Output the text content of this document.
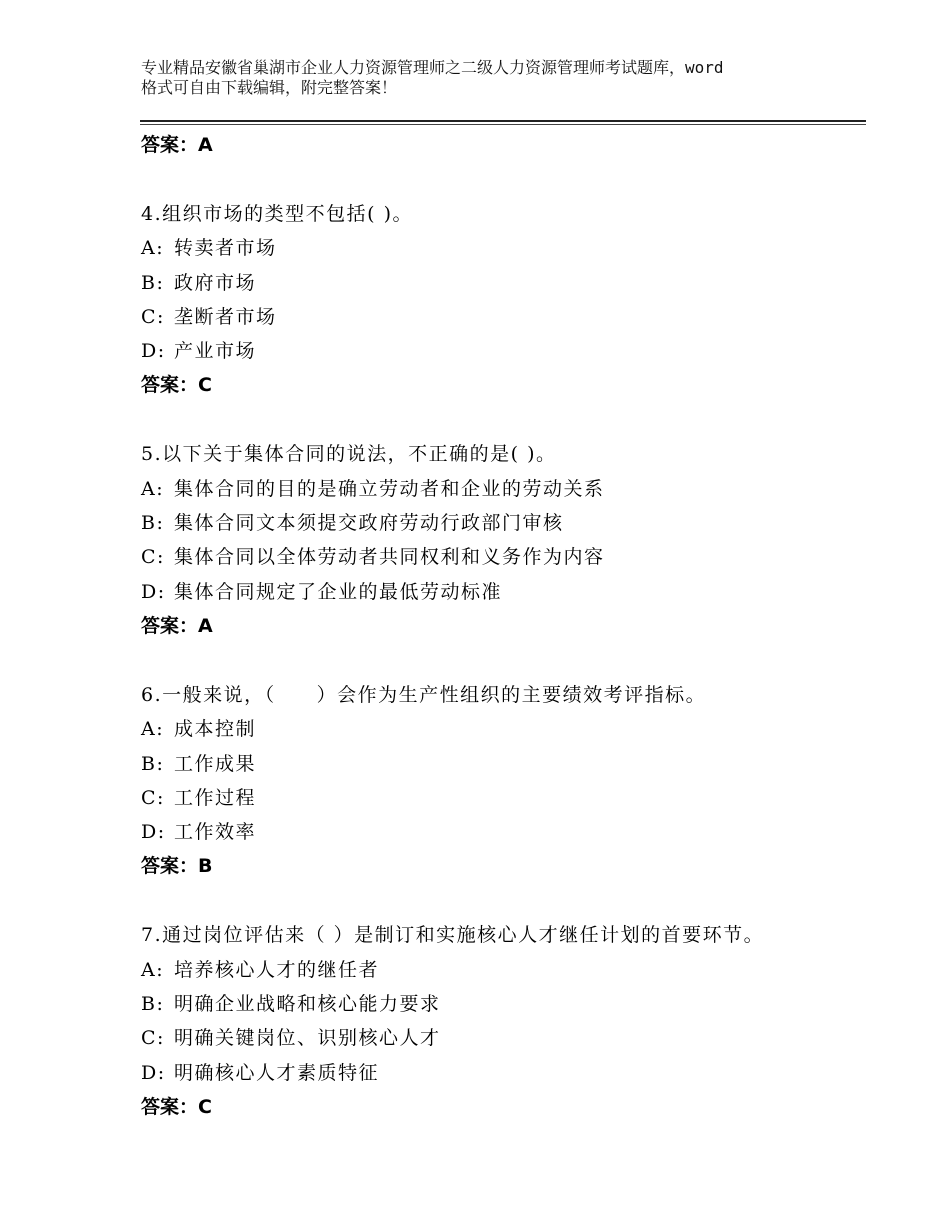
专业精品安徽省巢湖市企业人力资源管理师之二级人力资源管理师考试题库，word
格式可自由下载编辑，附完整答案！
答案：A
4.组织市场的类型不包括( )。
A: 转卖者市场
B: 政府市场
C: 垄断者市场
D: 产业市场
答案：C
5.以下关于集体合同的说法，不正确的是( )。
A: 集体合同的目的是确立劳动者和企业的劳动关系
B: 集体合同文本须提交政府劳动行政部门审核
C: 集体合同以全体劳动者共同权利和义务作为内容
D: 集体合同规定了企业的最低劳动标准
答案：A
6.一般来说，（　　）会作为生产性组织的主要绩效考评指标。
A: 成本控制
B: 工作成果
C: 工作过程
D: 工作效率
答案：B
7.通过岗位评估来（ ）是制订和实施核心人才继任计划的首要环节。
A: 培养核心人才的继任者
B: 明确企业战略和核心能力要求
C: 明确关键岗位、识别核心人才
D: 明确核心人才素质特征
答案：C
